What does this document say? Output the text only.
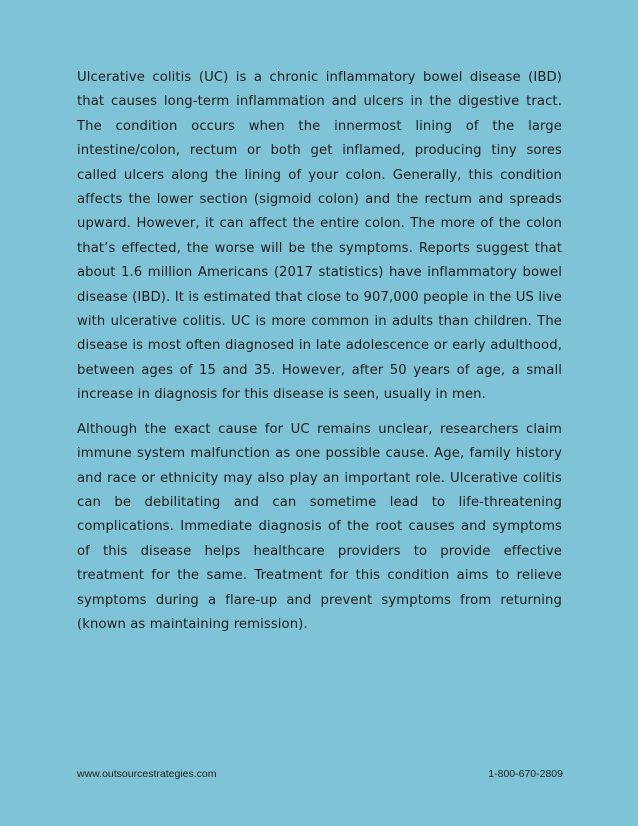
Ulcerative colitis (UC) is a chronic inflammatory bowel disease (IBD) that causes long-term inflammation and ulcers in the digestive tract. The condition occurs when the innermost lining of the large intestine/colon, rectum or both get inflamed, producing tiny sores called ulcers along the lining of your colon. Generally, this condition affects the lower section (sigmoid colon) and the rectum and spreads upward. However, it can affect the entire colon. The more of the colon that’s effected, the worse will be the symptoms. Reports suggest that about 1.6 million Americans (2017 statistics) have inflammatory bowel disease (IBD). It is estimated that close to 907,000 people in the US live with ulcerative colitis. UC is more common in adults than children. The disease is most often diagnosed in late adolescence or early adulthood, between ages of 15 and 35. However, after 50 years of age, a small increase in diagnosis for this disease is seen, usually in men.

Although the exact cause for UC remains unclear, researchers claim immune system malfunction as one possible cause. Age, family history and race or ethnicity may also play an important role. Ulcerative colitis can be debilitating and can sometime lead to life-threatening complications. Immediate diagnosis of the root causes and symptoms of this disease helps healthcare providers to provide effective treatment for the same. Treatment for this condition aims to relieve symptoms during a flare-up and prevent symptoms from returning (known as maintaining remission).

www.outsourcestrategies.com	1-800-670-2809
